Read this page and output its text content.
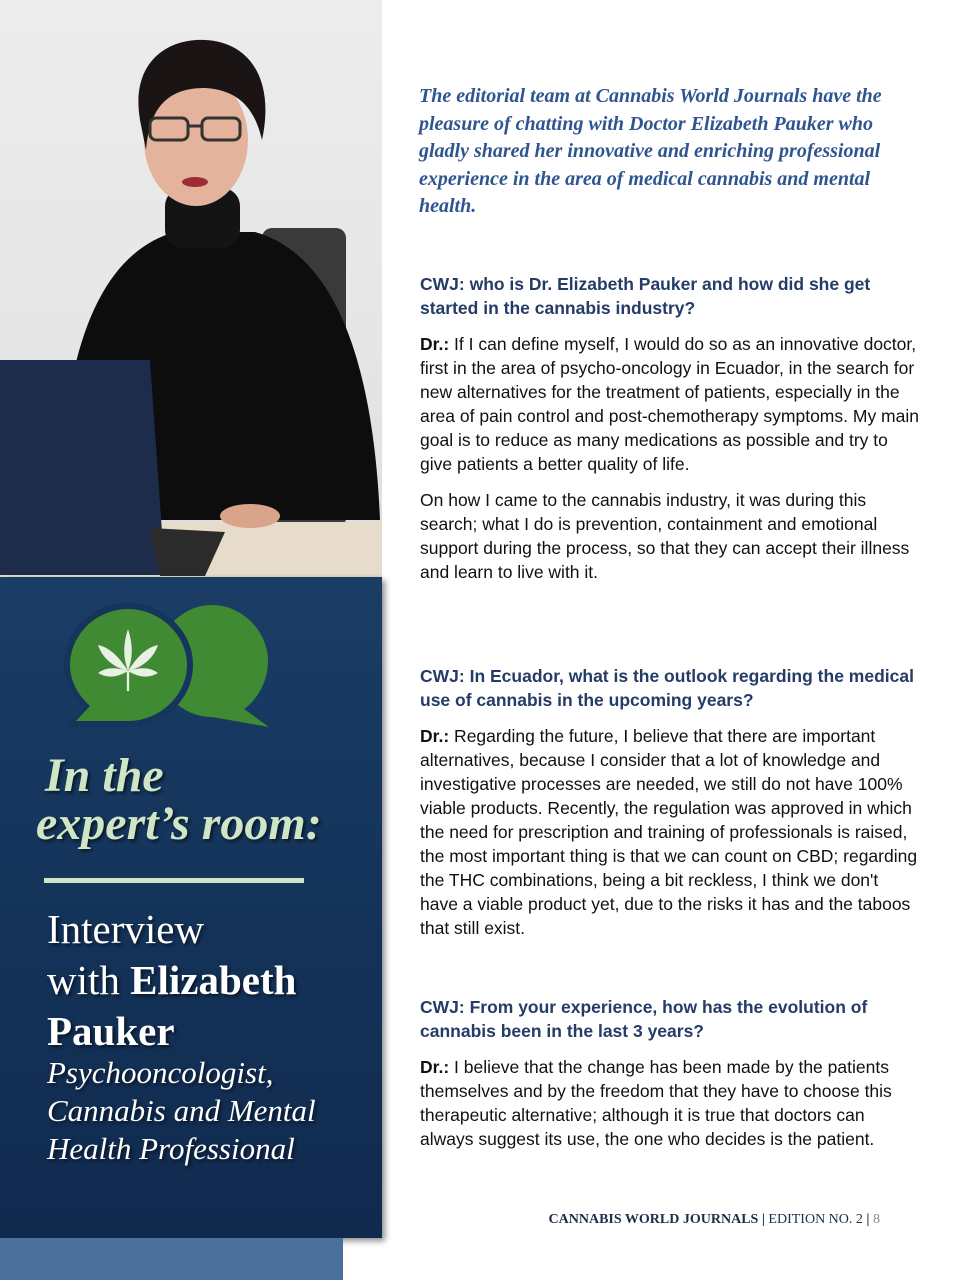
In the
expert’s room:
Interview
with Elizabeth Pauker
Psychooncologist, Cannabis and Mental Health Professional
The editorial team at Cannabis World Journals have the pleasure of chatting with Doctor Elizabeth Pauker who gladly shared her innovative and enriching professional experience in the area of medical cannabis and mental health.

CWJ: who is Dr. Elizabeth Pauker and how did she get started in the cannabis industry?

Dr.: If I can define myself, I would do so as an innovative doctor, first in the area of psycho-oncology in Ecuador, in the search for new alternatives for the treatment of patients, especially in the area of pain control and post-chemotherapy symptoms. My main goal is to reduce as many medications as possible and try to give patients a better quality of life.

On how I came to the cannabis industry, it was during this search; what I do is prevention, containment and emotional support during the process, so that they can accept their illness and learn to live with it.

CWJ: In Ecuador, what is the outlook regarding the medical use of cannabis in the upcoming years?

Dr.: Regarding the future, I believe that there are important alternatives, because I consider that a lot of knowledge and investigative processes are needed, we still do not have 100% viable products. Recently, the regulation was approved in which the need for prescription and training of professionals is raised, the most important thing is that we can count on CBD; regarding the THC combinations, being a bit reckless, I think we don't have a viable product yet, due to the risks it has and the taboos that still exist.

CWJ: From your experience, how has the evolution of cannabis been in the last 3 years?

Dr.: I believe that the change has been made by the patients themselves and by the freedom that they have to choose this therapeutic alternative; although it is true that doctors can always suggest its use, the one who decides is the patient.

CANNABIS WORLD JOURNALS | EDITION NO. 2 | 8
